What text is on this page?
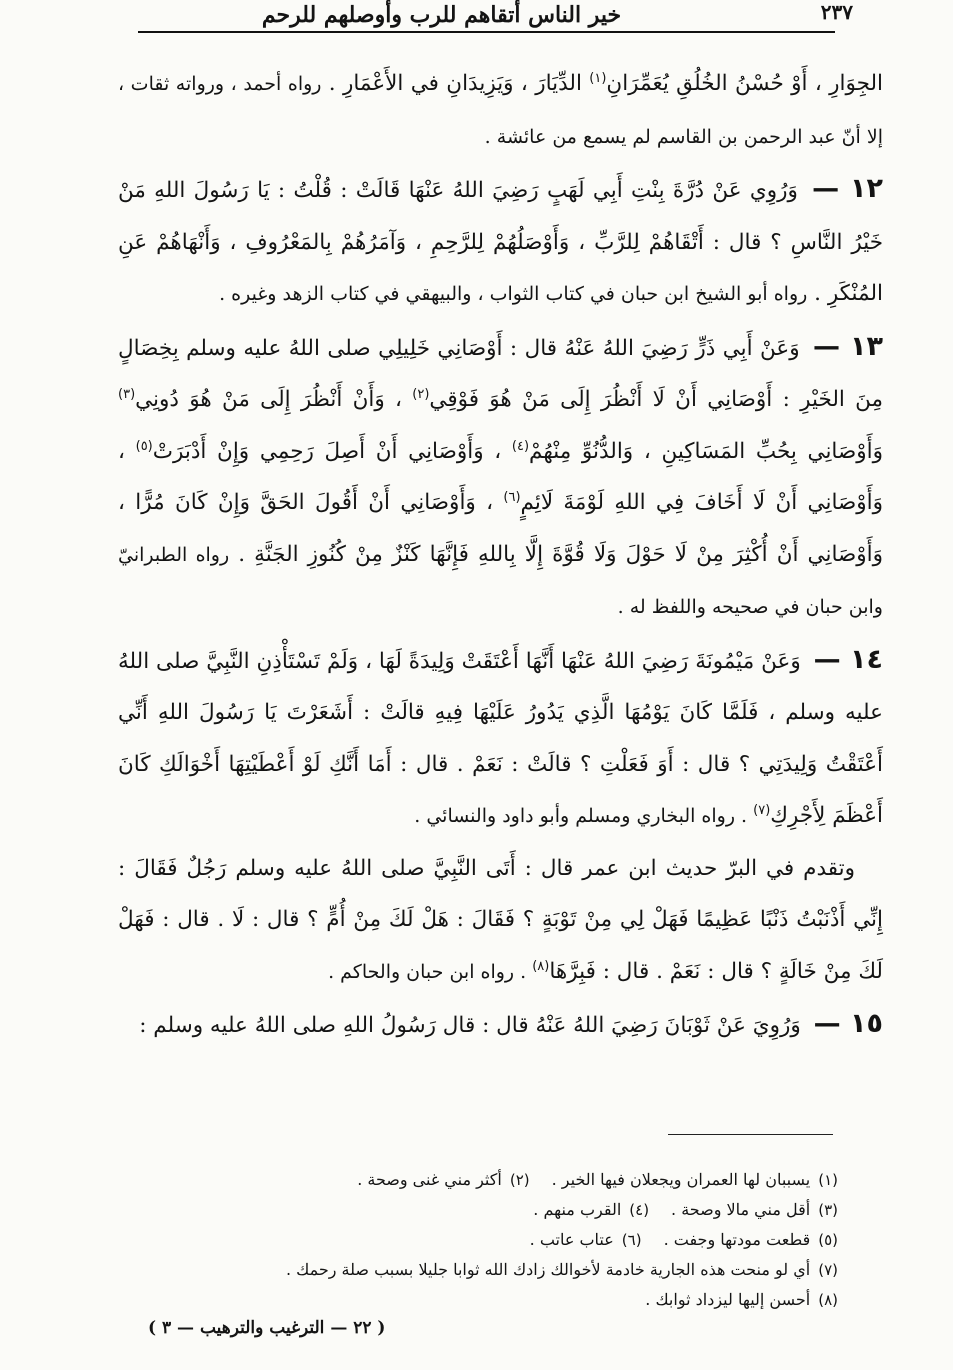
٢٣٧
خير الناس أتقاهم للرب وأوصلهم للرحم

الجِوَارِ ، أَوْ حُسْنُ الخُلُقِ يُعَمِّرَانِ$^{(١)}$ الدِّيَارَ ، وَيَزِيدَانِ في الأَعْمَارِ . رواه أحمد ، ورواته ثقات ، إلا أنّ عبد الرحمن بن القاسم لم يسمع من عائشة .

١٢ — وَرُوِي عَنْ دُرَّةَ بِنْتِ أَبِي لَهَبٍ رَضِيَ اللهُ عَنْهَا قَالَتْ : قُلْتُ : يَا رَسُولَ اللهِ مَنْ خَيْرُ النَّاسِ ؟ قال : أَتْقَاهُمْ لِلرَّبِّ ، وَأَوْصَلُهُمْ لِلرَّحِمِ ، وَآمَرُهُمْ بِالمَعْرُوفِ ، وَأَنْهَاهُمْ عَنِ المُنْكَرِ . رواه أبو الشيخ ابن حبان في كتاب الثواب ، والبيهقي في كتاب الزهد وغيره .

١٣ — وَعَنْ أَبِي ذَرٍّ رَضِيَ اللهُ عَنْهُ قال : أَوْصَانِي خَلِيلِي صلى اللهُ عليه وسلم بِخِصَالٍ مِنَ الخَيْرِ : أَوْصَانِي أَنْ لَا أَنْظُرَ إِلَى مَنْ هُوَ فَوْقِي$^{(٢)}$ ، وَأَنْ أَنْظُرَ إِلَى مَنْ هُوَ دُونِي$^{(٣)}$ وَأَوْصَانِي بِحُبِّ المَسَاكِينِ ، وَالدُّنُوِّ مِنْهُمْ$^{(٤)}$ ، وَأَوْصَانِي أَنْ أَصِلَ رَحِمِي وَإِنْ أَدْبَرَتْ$^{(٥)}$ ، وَأَوْصَانِي أَنْ لَا أَخَافَ فِي اللهِ لَوْمَةَ لَائِمٍ$^{(٦)}$ ، وَأَوْصَانِي أَنْ أَقُولَ الحَقَّ وَإِنْ كَانَ مُرًّا ، وَأَوْصَانِي أَنْ أُكْثِرَ مِنْ لَا حَوْلَ وَلَا قُوَّةَ إِلَّا بِاللهِ فَإِنَّهَا كَنْزٌ مِنْ كُنُوزِ الجَنَّةِ . رواه الطبرانيّ وابن حبان في صحيحه واللفظ له .

١٤ — وَعَنْ مَيْمُونَةَ رَضِيَ اللهُ عَنْهَا أَنَّهَا أَعْتَقَتْ وَلِيدَةً لَهَا ، وَلَمْ تَسْتَأْذِنِ النَّبِيَّ صلى اللهُ عليه وسلم ، فَلَمَّا كَانَ يَوْمُهَا الَّذِي يَدُورُ عَلَيْهَا فِيهِ قالَتْ : أَشَعَرْتَ يَا رَسُولَ اللهِ أَنِّي أَعْتَقْتُ وَلِيدَتِي ؟ قال : أَوَ فَعَلْتِ ؟ قالَتْ : نَعَمْ . قال : أَمَا أَنَّكِ لَوْ أَعْطَيْتِهَا أَخْوَالَكِ كَانَ أَعْظَمَ لِأَجْرِكِ$^{(٧)}$ . رواه البخاري ومسلم وأبو داود والنسائي .

وتقدم في البرّ حديث ابن عمر قال : أَتَى النَّبِيَّ صلى اللهُ عليه وسلم رَجُلٌ فَقَالَ : إِنِّي أَذْنَبْتُ ذَنْبًا عَظِيمًا فَهَلْ لِي مِنْ تَوْبَةٍ ؟ فَقَالَ : هَلْ لَكَ مِنْ أُمٍّ ؟ قال : لَا . قال : فَهَلْ لَكَ مِنْ خَالَةٍ ؟ قال : نَعَمْ . قال : فَبِرَّهَا$^{(٨)}$ . رواه ابن حبان والحاكم .

١٥ — وَرُوِيَ عَنْ ثَوْبَانَ رَضِيَ اللهُ عَنْهُ قال : قال رَسُولُ اللهِ صلى اللهُ عليه وسلم :

(١)يسببان لها العمران ويجعلان فيها الخير .(٢)أكثر مني غنى وصحة .
(٣)أقل مني مالا وصحة .(٤)القرب منهم .
(٥)قطعت مودتها وجفت .(٦)عتاب عاتب .
(٧)أي لو منحت هذه الجارية خادمة لأخوالك زادك الله ثوابا جليلا بسبب صلة رحمك .
(٨)أحسن إليها ليزداد ثوابك .
( ٢٢ — الترغيب والترهيب — ٣ )
